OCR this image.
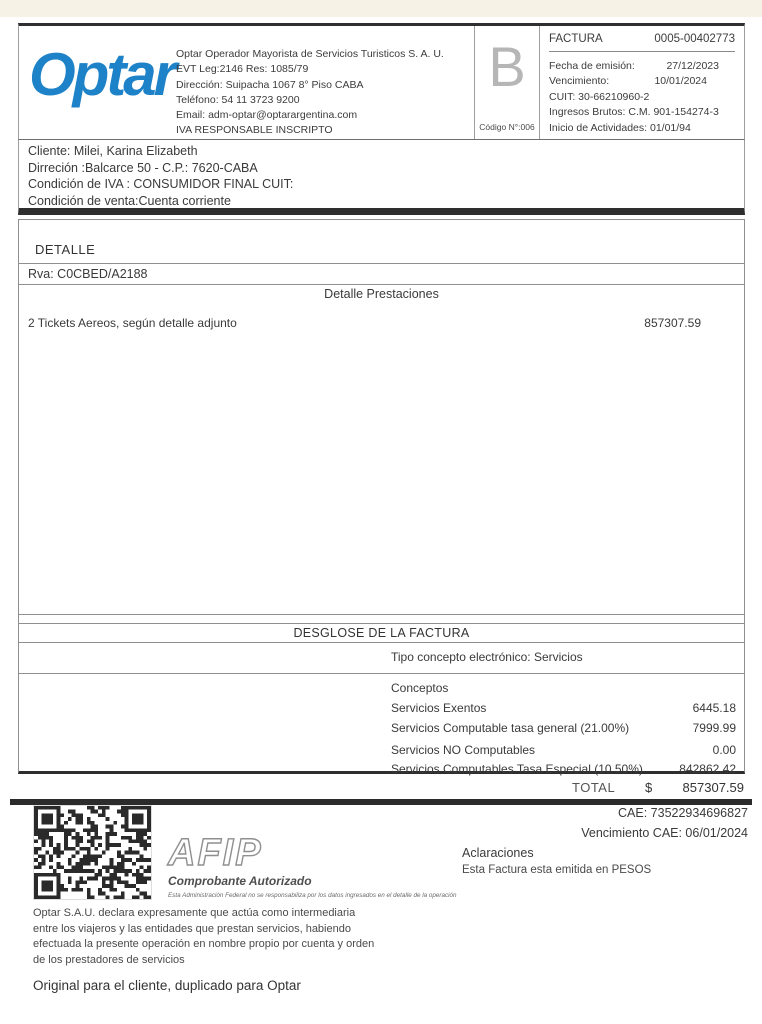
Optar Optar Operador Mayorista de Servicios Turisticos S. A. U.
EVT Leg:2146 Res: 1085/79
Dirección: Suipacha 1067 8° Piso CABA
Teléfono: 54 11 3723 9200
Email: adm-optar@optarargentina.com
IVA RESPONSABLE INSCRIPTO
B
Código N°:006
FACTURA	0005-00402773
Fecha de emisión:	27/12/2023
Vencimiento:	10/01/2024
CUIT: 30-66210960-2
Ingresos Brutos: C.M. 901-154274-3
Inicio de Actividades: 01/01/94
Cliente: Milei, Karina Elizabeth
Dirreción :Balcarce 50 - C.P.: 7620-CABA
Condición de IVA : CONSUMIDOR FINAL CUIT:
Condición de venta:Cuenta corriente
DETALLE
Rva: C0CBED/A2188
Detalle Prestaciones
2 Tickets Aereos, según detalle adjunto	857307.59
DESGLOSE DE LA FACTURA
Tipo concepto electrónico: Servicios
Conceptos
Servicios Exentos	6445.18
Servicios Computable tasa general (21.00%)	7999.99
Servicios NO Computables	0.00
Servicios Computables Tasa Especial (10.50%)	842862.42
TOTAL $ 857307.59
AFIP
Comprobante Autorizado
Esta Administración Federal no se responsabiliza por los datos ingresados en el detalle de la operación
CAE: 73522934696827
Vencimiento CAE: 06/01/2024
Aclaraciones
Esta Factura esta emitida en PESOS
Optar S.A.U. declara expresamente que actúa como intermediaria entre los viajeros y las entidades que prestan servicios, habiendo efectuada la presente operación en nombre propio por cuenta y orden de los prestadores de servicios
Original para el cliente, duplicado para Optar
